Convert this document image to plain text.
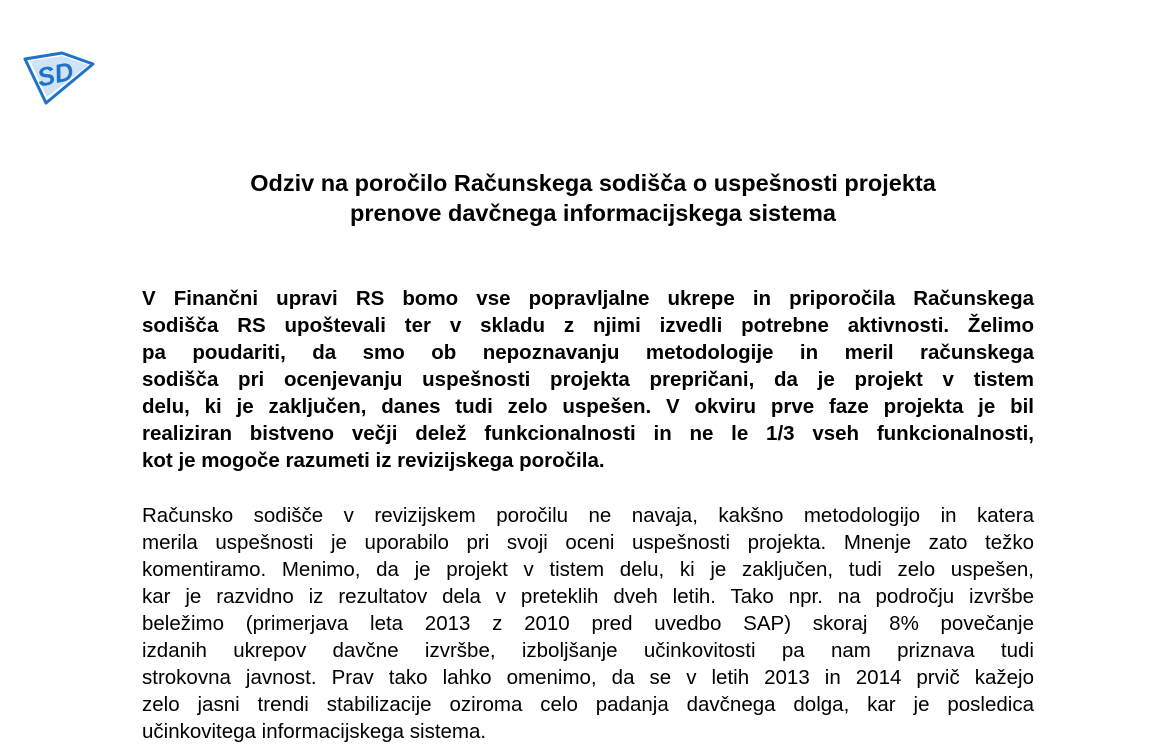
SD
Odziv na poročilo Računskega sodišča o uspešnosti projekta
prenove davčnega informacijskega sistema
V Finančni upravi RS bomo vse popravljalne ukrepe in priporočila Računskega
sodišča RS upoštevali ter v skladu z njimi izvedli potrebne aktivnosti. Želimo
pa poudariti, da smo ob nepoznavanju metodologije in meril računskega
sodišča pri ocenjevanju uspešnosti projekta prepričani, da je projekt v tistem
delu, ki je zaključen, danes tudi zelo uspešen. V okviru prve faze projekta je bil
realiziran bistveno večji delež funkcionalnosti in ne le 1/3 vseh funkcionalnosti,
kot je mogoče razumeti iz revizijskega poročila.
Računsko sodišče v revizijskem poročilu ne navaja, kakšno metodologijo in katera
merila uspešnosti je uporabilo pri svoji oceni uspešnosti projekta. Mnenje zato težko
komentiramo. Menimo, da je projekt v tistem delu, ki je zaključen, tudi zelo uspešen,
kar je razvidno iz rezultatov dela v preteklih dveh letih. Tako npr. na področju izvršbe
beležimo (primerjava leta 2013 z 2010 pred uvedbo SAP) skoraj 8% povečanje
izdanih ukrepov davčne izvršbe, izboljšanje učinkovitosti pa nam priznava tudi
strokovna javnost. Prav tako lahko omenimo, da se v letih 2013 in 2014 prvič kažejo
zelo jasni trendi stabilizacije oziroma celo padanja davčnega dolga, kar je posledica
učinkovitega informacijskega sistema.
